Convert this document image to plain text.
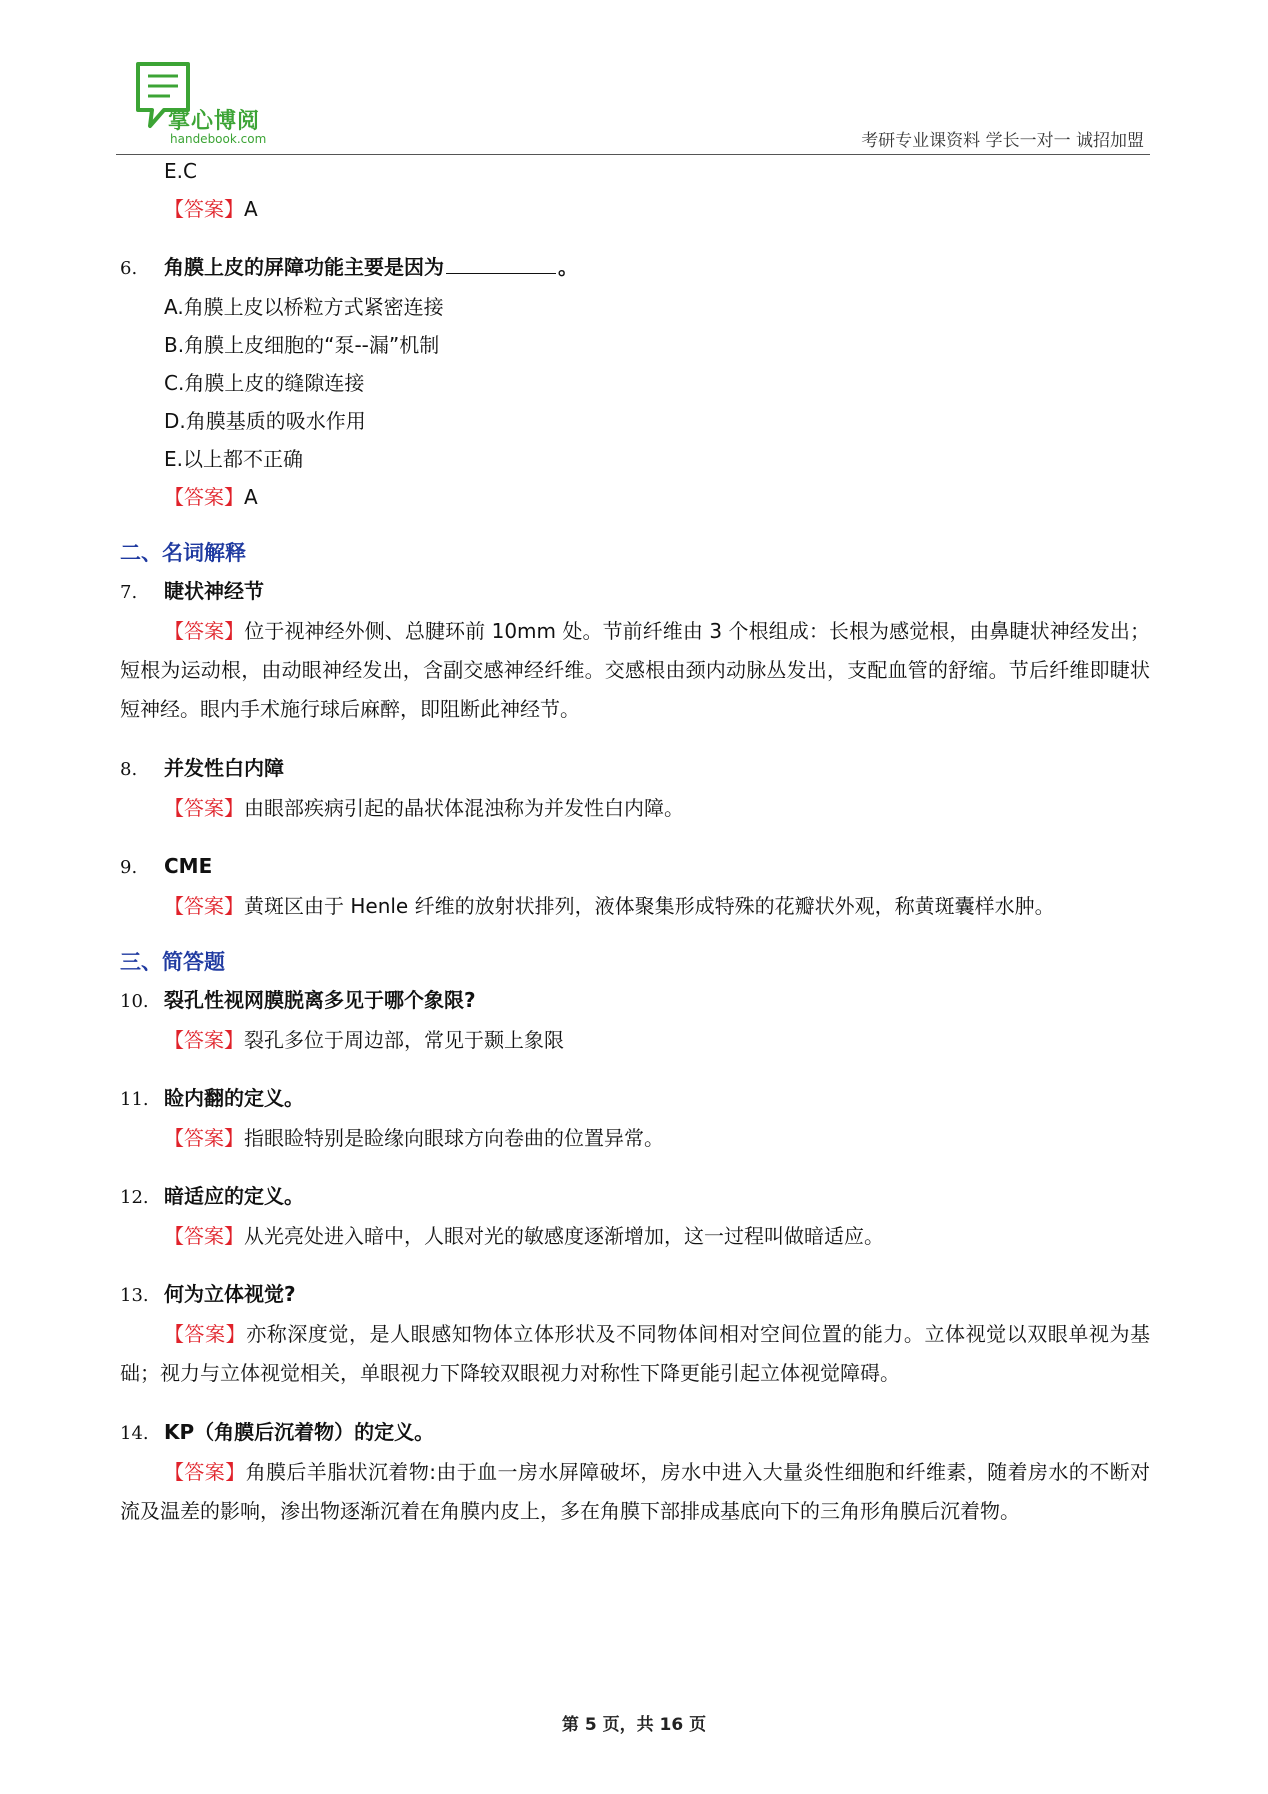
掌心博阅
handebook.com	考研专业课资料 学长一对一 诚招加盟
E.C
【答案】A
6. 角膜上皮的屏障功能主要是因为	。
A.角膜上皮以桥粒方式紧密连接
B.角膜上皮细胞的“泵--漏”机制
C.角膜上皮的缝隙连接
D.角膜基质的吸水作用
E.以上都不正确
【答案】A
二、名词解释
7. 睫状神经节
【答案】位于视神经外侧、总腱环前 10mm 处。节前纤维由 3 个根组成：长根为感觉根，由鼻睫状神经发出；短根为运动根，由动眼神经发出，含副交感神经纤维。交感根由颈内动脉丛发出，支配血管的舒缩。节后纤维即睫状短神经。眼内手术施行球后麻醉，即阻断此神经节。
8. 并发性白内障
【答案】由眼部疾病引起的晶状体混浊称为并发性白内障。
9. CME
【答案】黄斑区由于 Henle 纤维的放射状排列，液体聚集形成特殊的花瓣状外观，称黄斑囊样水肿。
三、简答题
10. 裂孔性视网膜脱离多见于哪个象限?
【答案】裂孔多位于周边部，常见于颞上象限
11. 睑内翻的定义。
【答案】指眼睑特别是睑缘向眼球方向卷曲的位置异常。
12. 暗适应的定义。
【答案】从光亮处进入暗中，人眼对光的敏感度逐渐增加，这一过程叫做暗适应。
13. 何为立体视觉?
【答案】亦称深度觉，是人眼感知物体立体形状及不同物体间相对空间位置的能力。立体视觉以双眼单视为基础；视力与立体视觉相关，单眼视力下降较双眼视力对称性下降更能引起立体视觉障碍。
14. KP（角膜后沉着物）的定义。
【答案】角膜后羊脂状沉着物:由于血一房水屏障破坏，房水中进入大量炎性细胞和纤维素，随着房水的不断对流及温差的影响，渗出物逐渐沉着在角膜内皮上，多在角膜下部排成基底向下的三角形角膜后沉着物。
第 5 页，共 16 页
